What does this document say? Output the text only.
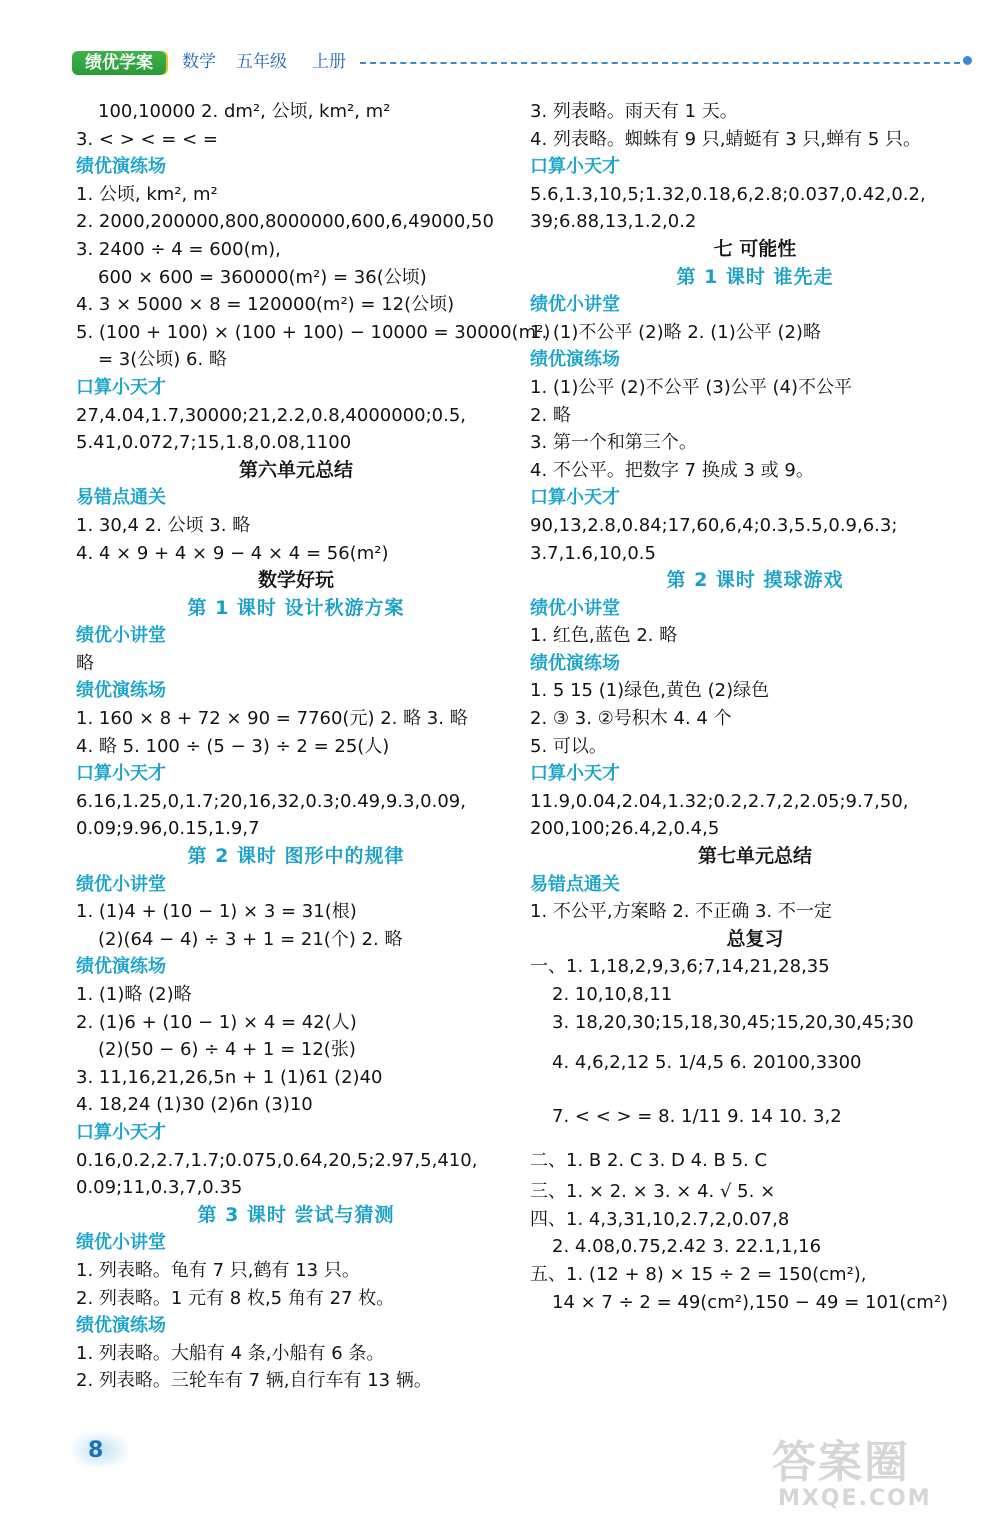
绩优学案	数学 五年级 上册
100,10000 2. dm², 公顷, km², m²
3. < > < = < =
绩优演练场
1. 公顷, km², m²
2. 2000,200000,800,8000000,600,6,49000,50
3. 2400 ÷ 4 = 600(m),
600 × 600 = 360000(m²) = 36(公顷)
4. 3 × 5000 × 8 = 120000(m²) = 12(公顷)
5. (100 + 100) × (100 + 100) − 10000 = 30000(m²)
= 3(公顷) 6. 略
口算小天才
27,4.04,1.7,30000;21,2.2,0.8,4000000;0.5,
5.41,0.072,7;15,1.8,0.08,1100
第六单元总结
易错点通关
1. 30,4 2. 公顷 3. 略
4. 4 × 9 + 4 × 9 − 4 × 4 = 56(m²)
数学好玩
第 1 课时 设计秋游方案
绩优小讲堂
略
绩优演练场
1. 160 × 8 + 72 × 90 = 7760(元) 2. 略 3. 略
4. 略 5. 100 ÷ (5 − 3) ÷ 2 = 25(人)
口算小天才
6.16,1.25,0,1.7;20,16,32,0.3;0.49,9.3,0.09,
0.09;9.96,0.15,1.9,7
第 2 课时 图形中的规律
绩优小讲堂
1. (1)4 + (10 − 1) × 3 = 31(根)
(2)(64 − 4) ÷ 3 + 1 = 21(个) 2. 略
绩优演练场
1. (1)略 (2)略
2. (1)6 + (10 − 1) × 4 = 42(人)
(2)(50 − 6) ÷ 4 + 1 = 12(张)
3. 11,16,21,26,5n + 1 (1)61 (2)40
4. 18,24 (1)30 (2)6n (3)10
口算小天才
0.16,0.2,2.7,1.7;0.075,0.64,20,5;2.97,5,410,
0.09;11,0.3,7,0.35
第 3 课时 尝试与猜测
绩优小讲堂
1. 列表略。龟有 7 只,鹤有 13 只。
2. 列表略。1 元有 8 枚,5 角有 27 枚。
绩优演练场
1. 列表略。大船有 4 条,小船有 6 条。
2. 列表略。三轮车有 7 辆,自行车有 13 辆。
3. 列表略。雨天有 1 天。
4. 列表略。蜘蛛有 9 只,蜻蜓有 3 只,蝉有 5 只。
口算小天才
5.6,1.3,10,5;1.32,0.18,6,2.8;0.037,0.42,0.2,
39;6.88,13,1.2,0.2
七 可能性
第 1 课时 谁先走
绩优小讲堂
1. (1)不公平 (2)略 2. (1)公平 (2)略
绩优演练场
1. (1)公平 (2)不公平 (3)公平 (4)不公平
2. 略
3. 第一个和第三个。
4. 不公平。把数字 7 换成 3 或 9。
口算小天才
90,13,2.8,0.84;17,60,6,4;0.3,5.5,0.9,6.3;
3.7,1.6,10,0.5
第 2 课时 摸球游戏
绩优小讲堂
1. 红色,蓝色 2. 略
绩优演练场
1. 5 15 (1)绿色,黄色 (2)绿色
2. ③ 3. ②号积木 4. 4 个
5. 可以。
口算小天才
11.9,0.04,2.04,1.32;0.2,2.7,2,2.05;9.7,50,
200,100;26.4,2,0.4,5
第七单元总结
易错点通关
1. 不公平,方案略 2. 不正确 3. 不一定
总复习
一、1. 1,18,2,9,3,6;7,14,21,28,35
2. 10,10,8,11
3. 18,20,30;15,18,30,45;15,20,30,45;30
4. 4,6,2,12 5. 1/4,5 6. 20100,3300
7. < < > = 8. 1/11 9. 14 10. 3,2
二、1. B 2. C 3. D 4. B 5. C
三、1. × 2. × 3. × 4. √ 5. ×
四、1. 4,3,31,10,2.7,2,0.07,8
2. 4.08,0.75,2.42 3. 22.1,1,16
五、1. (12 + 8) × 15 ÷ 2 = 150(cm²),
14 × 7 ÷ 2 = 49(cm²),150 − 49 = 101(cm²)
8	答案圈
MXQE.COM
